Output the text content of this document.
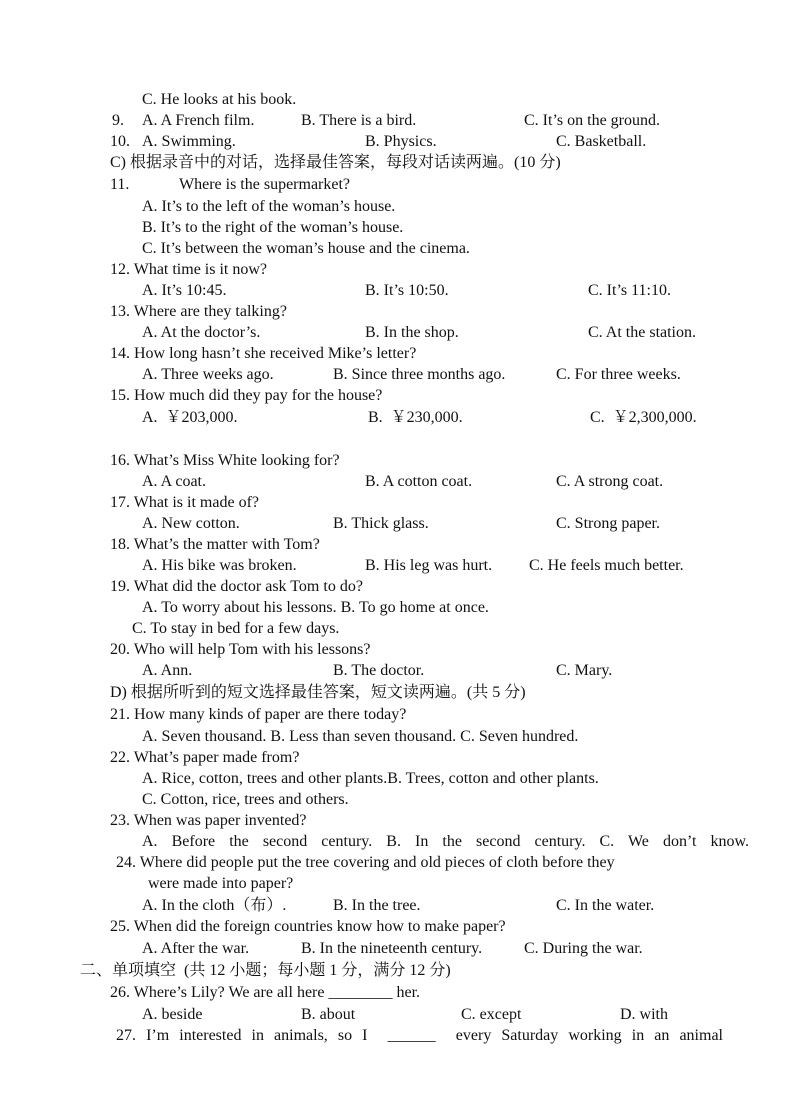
C. He looks at his book.
9. A. A French film.	B. There is a bird.	C. It’s on the ground.
10. A. Swimming.	B. Physics.	C. Basketball.
C) 根据录音中的对话，选择最佳答案，每段对话读两遍。(10 分)
11.	Where is the supermarket?
A. It’s to the left of the woman’s house.
B. It’s to the right of the woman’s house.
C. It’s between the woman’s house and the cinema.
12. What time is it now?
A. It’s 10:45.	B. It’s 10:50.	C. It’s 11:10.
13. Where are they talking?
A. At the doctor’s.	B. In the shop.	C. At the station.
14. How long hasn’t she received Mike’s letter?
A. Three weeks ago.	B. Since three months ago.	C. For three weeks.
15. How much did they pay for the house?
A.  ￥203,000.	B.  ￥230,000.	C.  ￥2,300,000.
16. What’s Miss White looking for?
A. A coat.	B. A cotton coat.	C. A strong coat.
17. What is it made of?
A. New cotton.	B. Thick glass.	C. Strong paper.
18. What’s the matter with Tom?
A. His bike was broken.	B. His leg was hurt. C. He feels much better.
19. What did the doctor ask Tom to do?
A. To worry about his lessons. B. To go home at once.
C. To stay in bed for a few days.
20. Who will help Tom with his lessons?
A. Ann.	B. The doctor.	C. Mary.
D) 根据所听到的短文选择最佳答案，短文读两遍。(共 5 分)
21. How many kinds of paper are there today?
A. Seven thousand. B. Less than seven thousand. C. Seven hundred.
22. What’s paper made from?
A. Rice, cotton, trees and other plants.B. Trees, cotton and other plants.
C. Cotton, rice, trees and others.
23. When was paper invented?
A. Before the second century. B. In the second century. C. We don’t know.
24. Where did people put the tree covering and old pieces of cloth before they
were made into paper?
A. In the cloth（布）.	B. In the tree.	C. In the water.
25. When did the foreign countries know how to make paper?
A. After the war.	B. In the nineteenth century.	C. During the war.
二、单项填空  (共 12 小题；每小题 1 分，满分 12 分)
26. Where’s Lily? We are all here ________ her.
A. beside	B. about	C. except	D. with
27. I’m interested in animals, so I  ______  every Saturday working in an animal
